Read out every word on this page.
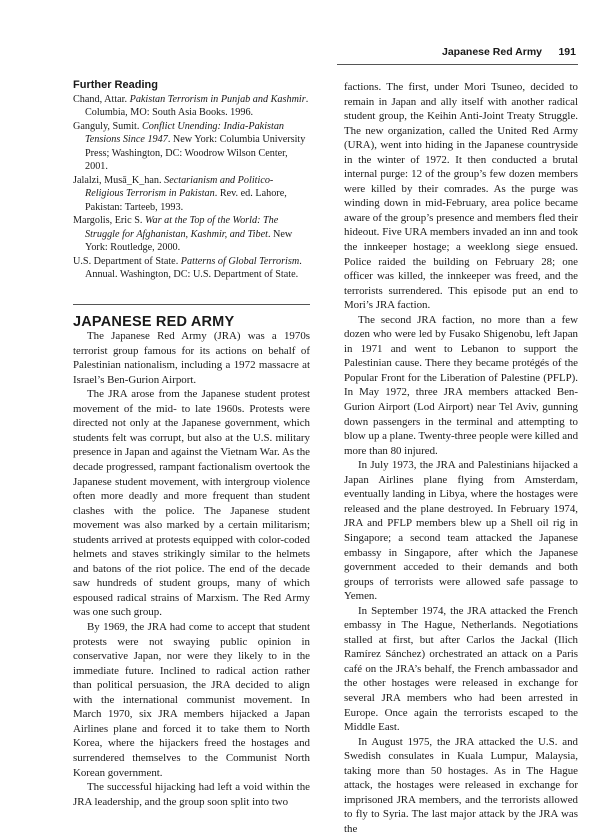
Japanese Red Army 191

Further Reading

Chand, Attar. Pakistan Terrorism in Punjab and Kashmir. Columbia, MO: South Asia Books. 1996.

Ganguly, Sumit. Conflict Unending: India-Pakistan Tensions Since 1947. New York: Columbia University Press; Washington, DC: Woodrow Wilson Center, 2001.

Jalalzi, Musā_K_han. Sectarianism and Politico-Religious Terrorism in Pakistan. Rev. ed. Lahore, Pakistan: Tarteeb, 1993.

Margolis, Eric S. War at the Top of the World: The Struggle for Afghanistan, Kashmir, and Tibet. New York: Routledge, 2000.

U.S. Department of State. Patterns of Global Terrorism. Annual. Washington, DC: U.S. Department of State.

JAPANESE RED ARMY

The Japanese Red Army (JRA) was a 1970s terrorist group famous for its actions on behalf of Palestinian nationalism, including a 1972 massacre at Israel’s Ben-Gurion Airport.

The JRA arose from the Japanese student protest movement of the mid- to late 1960s. Protests were directed not only at the Japanese government, which students felt was corrupt, but also at the U.S. military presence in Japan and against the Vietnam War. As the decade progressed, rampant factionalism overtook the Japanese student movement, with intergroup violence often more deadly and more frequent than student clashes with the police. The Japanese student movement was also marked by a certain militarism; students arrived at protests equipped with color-coded helmets and staves strikingly similar to the helmets and batons of the riot police. The end of the decade saw hundreds of student groups, many of which espoused radical strains of Marxism. The Red Army was one such group.

By 1969, the JRA had come to accept that student protests were not swaying public opinion in conservative Japan, nor were they likely to in the immediate future. Inclined to radical action rather than political persuasion, the JRA decided to align with the international communist movement. In March 1970, six JRA members hijacked a Japan Airlines plane and forced it to take them to North Korea, where the hijackers freed the hostages and surrendered themselves to the Communist North Korean government.

The successful hijacking had left a void within the JRA leadership, and the group soon split into two

factions. The first, under Mori Tsuneo, decided to remain in Japan and ally itself with another radical student group, the Keihin Anti-Joint Treaty Struggle. The new organization, called the United Red Army (URA), went into hiding in the Japanese countryside in the winter of 1972. It then conducted a brutal internal purge: 12 of the group’s few dozen members were killed by their comrades. As the purge was winding down in mid-February, area police became aware of the group’s presence and members fled their hideout. Five URA members invaded an inn and took the innkeeper hostage; a weeklong siege ensued. Police raided the building on February 28; one officer was killed, the innkeeper was freed, and the terrorists surrendered. This episode put an end to Mori’s JRA faction.

The second JRA faction, no more than a few dozen who were led by Fusako Shigenobu, left Japan in 1971 and went to Lebanon to support the Palestinian cause. There they became protégés of the Popular Front for the Liberation of Palestine (PFLP). In May 1972, three JRA members attacked Ben-Gurion Airport (Lod Airport) near Tel Aviv, gunning down passengers in the terminal and attempting to blow up a plane. Twenty-three people were killed and more than 80 injured.

In July 1973, the JRA and Palestinians hijacked a Japan Airlines plane flying from Amsterdam, eventually landing in Libya, where the hostages were released and the plane destroyed. In February 1974, JRA and PFLP members blew up a Shell oil rig in Singapore; a second team attacked the Japanese embassy in Singapore, after which the Japanese government acceded to their demands and both groups of terrorists were allowed safe passage to Yemen.

In September 1974, the JRA attacked the French embassy in The Hague, Netherlands. Negotiations stalled at first, but after Carlos the Jackal (Ilich Ramírez Sánchez) orchestrated an attack on a Paris café on the JRA’s behalf, the French ambassador and the other hostages were released in exchange for several JRA members who had been arrested in Europe. Once again the terrorists escaped to the Middle East.

In August 1975, the JRA attacked the U.S. and Swedish consulates in Kuala Lumpur, Malaysia, taking more than 50 hostages. As in The Hague attack, the hostages were released in exchange for imprisoned JRA members, and the terrorists allowed to fly to Syria. The last major attack by the JRA was the
